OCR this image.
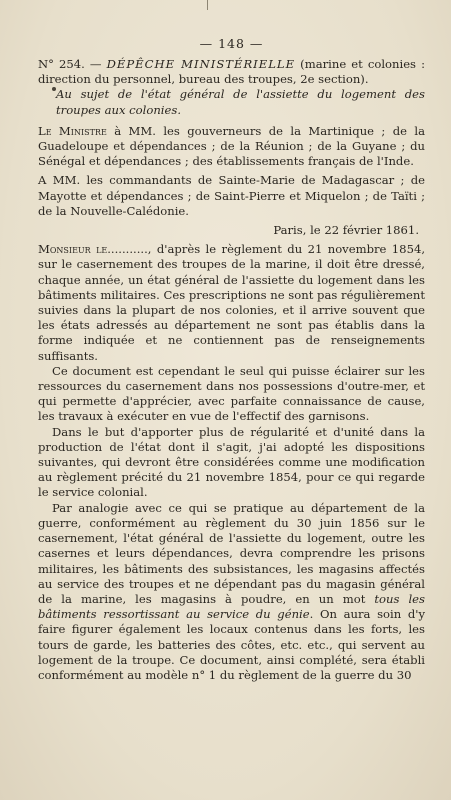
— 148 —

N° 254. — DÉPÊCHE MINISTÉRIELLE (marine et colonies : direction du personnel, bureau des troupes, 2e section).
Au sujet de l'état général de l'assiette du logement des troupes aux colonies.

Le Ministre à MM. les gouverneurs de la Martinique ; de la Guadeloupe et dépendances ; de la Réunion ; de la Guyane ; du Sénégal et dépendances ; des établissements français de l'Inde.

A MM. les commandants de Sainte-Marie de Madagascar ; de Mayotte et dépendances ; de Saint-Pierre et Miquelon ; de Taïti ; de la Nouvelle-Calédonie.

Paris, le 22 février 1861.

Monsieur le..........., d'après le règlement du 21 novembre 1854, sur le casernement des troupes de la marine, il doit être dressé, chaque année, un état général de l'assiette du logement dans les bâtiments militaires. Ces prescriptions ne sont pas régulièrement suivies dans la plupart de nos colonies, et il arrive souvent que les états adressés au département ne sont pas établis dans la forme indiquée et ne contiennent pas de renseignements suffisants.

Ce document est cependant le seul qui puisse éclairer sur les ressources du casernement dans nos possessions d'outre-mer, et qui permette d'apprécier, avec parfaite connaissance de cause, les travaux à exécuter en vue de l'effectif des garnisons.

Dans le but d'apporter plus de régularité et d'unité dans la production de l'état dont il s'agit, j'ai adopté les dispositions suivantes, qui devront être considérées comme une modification au règlement précité du 21 novembre 1854, pour ce qui regarde le service colonial.

Par analogie avec ce qui se pratique au département de la guerre, conformément au règlement du 30 juin 1856 sur le casernement, l'état général de l'assiette du logement, outre les casernes et leurs dépendances, devra comprendre les prisons militaires, les bâtiments des subsistances, les magasins affectés au service des troupes et ne dépendant pas du magasin général de la marine, les magasins à poudre, en un mot tous les bâtiments ressortissant au service du génie. On aura soin d'y faire figurer également les locaux contenus dans les forts, les tours de garde, les batteries des côtes, etc. etc., qui servent au logement de la troupe. Ce document, ainsi complété, sera établi conformément au modèle n° 1 du règlement de la guerre du 30
